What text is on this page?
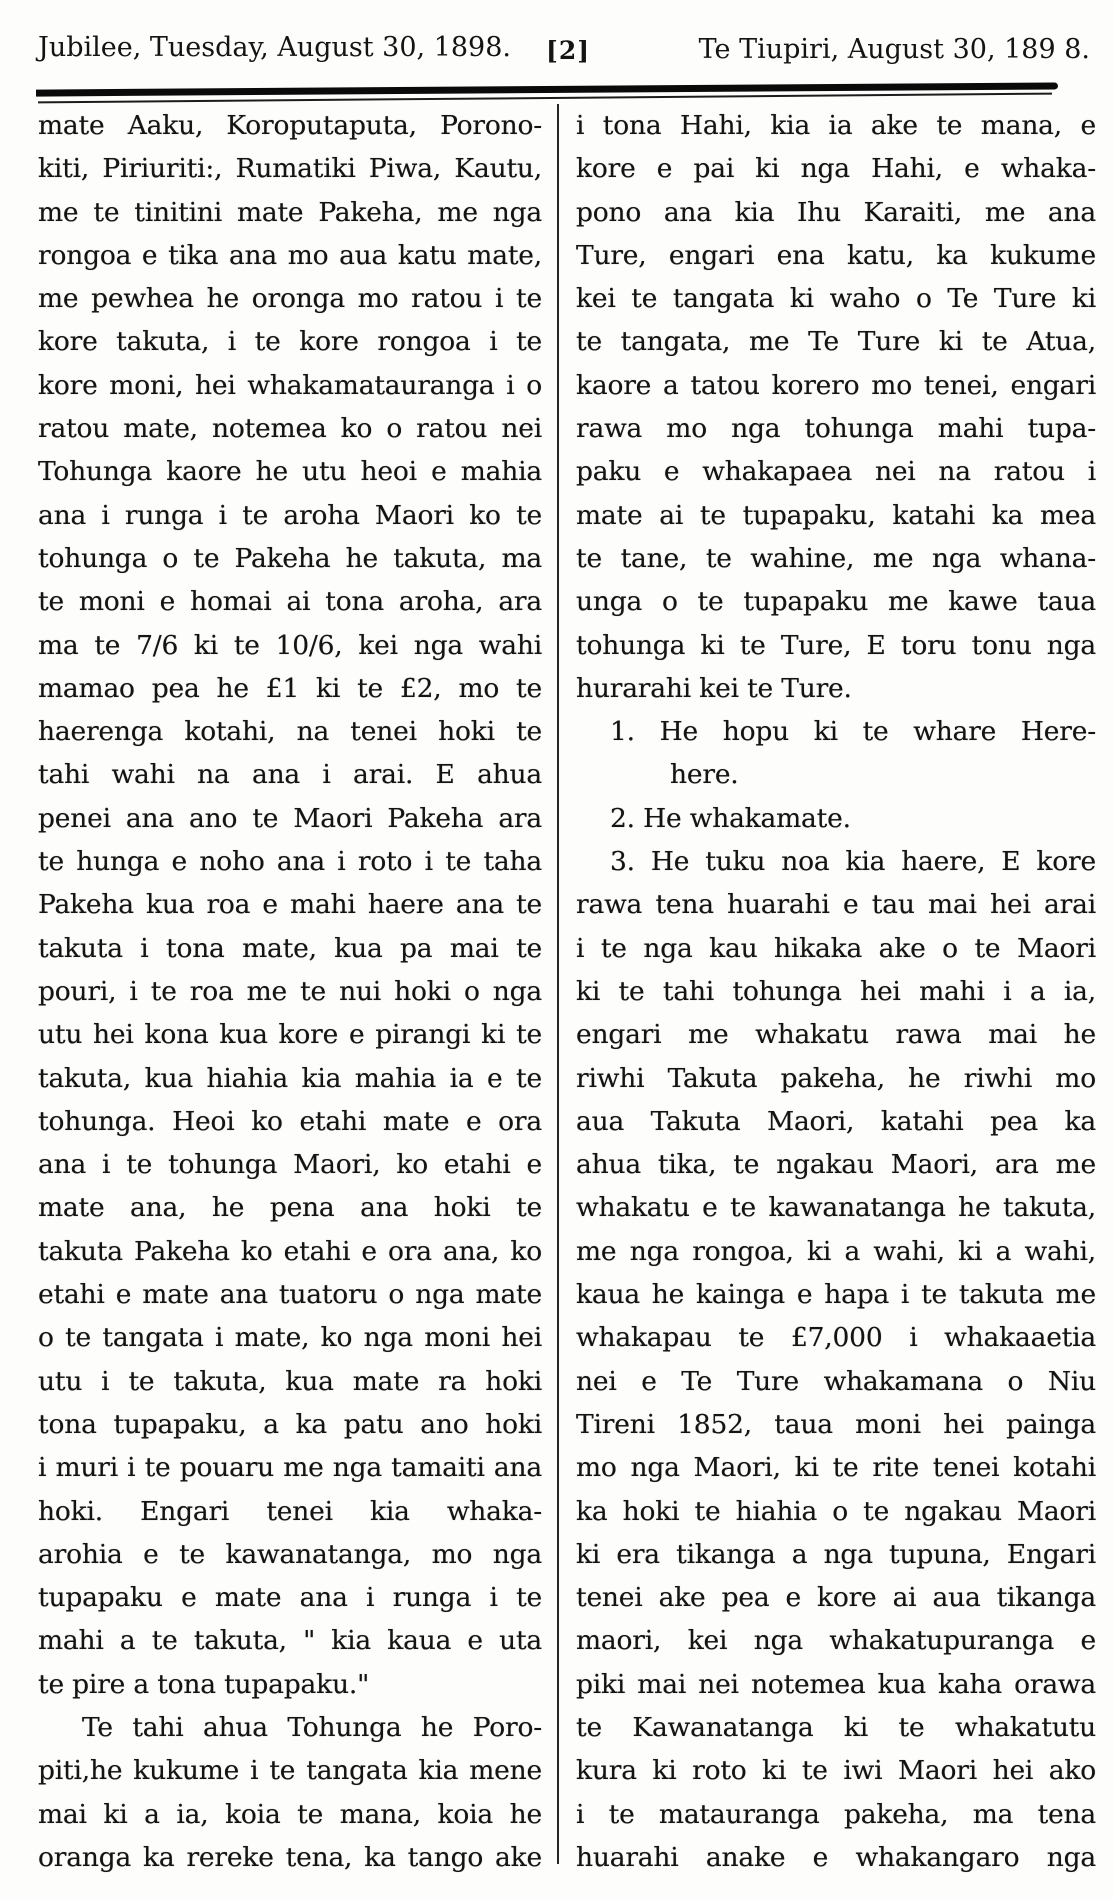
Jubilee, Tuesday, August 30, 1898. [2]	Te Tiupiri, August 30, 189 8.
mate Aaku, Koroputaputa, Porono-
kiti, Piriuriti:, Rumatiki Piwa, Kautu,
me te tinitini mate Pakeha, me nga
rongoa e tika ana mo aua katu mate,
me pewhea he oronga mo ratou i te
kore takuta, i te kore rongoa i te
kore moni, hei whakamatauranga i o
ratou mate, notemea ko o ratou nei
Tohunga kaore he utu heoi e mahia
ana i runga i te aroha Maori ko te
tohunga o te Pakeha he takuta, ma
te moni e homai ai tona aroha, ara
ma te 7/6 ki te 10/6, kei nga wahi
mamao pea he £1 ki te £2, mo te
haerenga kotahi, na tenei hoki te
tahi wahi na ana i arai. E ahua
penei ana ano te Maori Pakeha ara
te hunga e noho ana i roto i te taha
Pakeha kua roa e mahi haere ana te
takuta i tona mate, kua pa mai te
pouri, i te roa me te nui hoki o nga
utu hei kona kua kore e pirangi ki te
takuta, kua hiahia kia mahia ia e te
tohunga. Heoi ko etahi mate e ora
ana i te tohunga Maori, ko etahi e
mate ana, he pena ana hoki te
takuta Pakeha ko etahi e ora ana, ko
etahi e mate ana tuatoru o nga mate
o te tangata i mate, ko nga moni hei
utu i te takuta, kua mate ra hoki
tona tupapaku, a ka patu ano hoki
i muri i te pouaru me nga tamaiti ana
hoki. Engari tenei kia whaka-
arohia e te kawanatanga, mo nga
tupapaku e mate ana i runga i te
mahi a te takuta, " kia kaua e uta
te pire a tona tupapaku."
Te tahi ahua Tohunga he Poro-
piti,he kukume i te tangata kia mene
mai ki a ia, koia te mana, koia he
oranga ka rereke tena, ka tango ake
i tona Hahi, kia ia ake te mana, e
kore e pai ki nga Hahi, e whaka-
pono ana kia Ihu Karaiti, me ana
Ture, engari ena katu, ka kukume
kei te tangata ki waho o Te Ture ki
te tangata, me Te Ture ki te Atua,
kaore a tatou korero mo tenei, engari
rawa mo nga tohunga mahi tupa-
paku e whakapaea nei na ratou i
mate ai te tupapaku, katahi ka mea
te tane, te wahine, me nga whana-
unga o te tupapaku me kawe taua
tohunga ki te Ture, E toru tonu nga
hurarahi kei te Ture.
1. He hopu ki te whare Here-
here.
2. He whakamate.
3. He tuku noa kia haere, E kore
rawa tena huarahi e tau mai hei arai
i te nga kau hikaka ake o te Maori
ki te tahi tohunga hei mahi i a ia,
engari me whakatu rawa mai he
riwhi Takuta pakeha, he riwhi mo
aua Takuta Maori, katahi pea ka
ahua tika, te ngakau Maori, ara me
whakatu e te kawanatanga he takuta,
me nga rongoa, ki a wahi, ki a wahi,
kaua he kainga e hapa i te takuta me
whakapau te £7,000 i whakaaetia
nei e Te Ture whakamana o Niu
Tireni 1852, taua moni hei painga
mo nga Maori, ki te rite tenei kotahi
ka hoki te hiahia o te ngakau Maori
ki era tikanga a nga tupuna, Engari
tenei ake pea e kore ai aua tikanga
maori, kei nga whakatupuranga e
piki mai nei notemea kua kaha orawa
te Kawanatanga ki te whakatutu
kura ki roto ki te iwi Maori hei ako
i te matauranga pakeha, ma tena
huarahi anake e whakangaro nga
